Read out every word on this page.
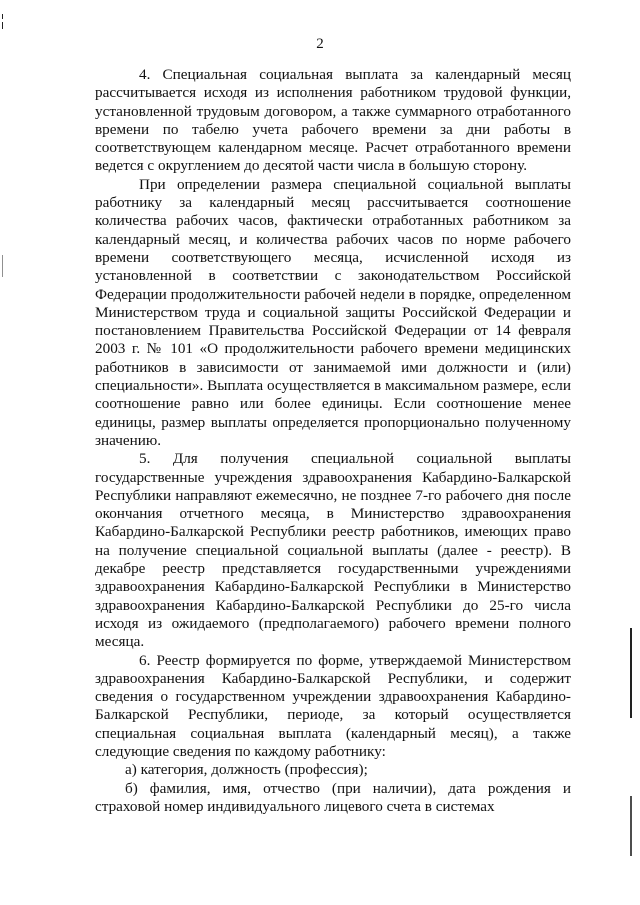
2

4. Специальная социальная выплата за календарный месяц рассчитывается исходя из исполнения работником трудовой функции, установленной трудовым договором, а также суммарного отработанного времени по табелю учета рабочего времени за дни работы в соответствующем календарном месяце. Расчет отработанного времени ведется с округлением до десятой части числа в большую сторону.

При определении размера специальной социальной выплаты работнику за календарный месяц рассчитывается соотношение количества рабочих часов, фактически отработанных работником за календарный месяц, и количества рабочих часов по норме рабочего времени соответствующего месяца, исчисленной исходя из установленной в соответствии с законодательством Российской Федерации продолжительности рабочей недели в порядке, определенном Министерством труда и социальной защиты Российской Федерации и постановлением Правительства Российской Федерации от 14 февраля 2003 г. № 101 «О продолжительности рабочего времени медицинских работников в зависимости от занимаемой ими должности и (или) специальности». Выплата осуществляется в максимальном размере, если соотношение равно или более единицы. Если соотношение менее единицы, размер выплаты определяется пропорционально полученному значению.

5. Для получения специальной социальной выплаты государственные учреждения здравоохранения Кабардино-Балкарской Республики направляют ежемесячно, не позднее 7-го рабочего дня после окончания отчетного месяца, в Министерство здравоохранения Кабардино-Балкарской Республики реестр работников, имеющих право на получение специальной социальной выплаты (далее - реестр). В декабре реестр представляется государственными учреждениями здравоохранения Кабардино-Балкарской Республики в Министерство здравоохранения Кабардино-Балкарской Республики до 25-го числа исходя из ожидаемого (предполагаемого) рабочего времени полного месяца.

6. Реестр формируется по форме, утверждаемой Министерством здравоохранения Кабардино-Балкарской Республики, и содержит сведения о государственном учреждении здравоохранения Кабардино-Балкарской Республики, периоде, за который осуществляется специальная социальная выплата (календарный месяц), а также следующие сведения по каждому работнику:

а) категория, должность (профессия);

б) фамилия, имя, отчество (при наличии), дата рождения и страховой номер индивидуального лицевого счета в системах
